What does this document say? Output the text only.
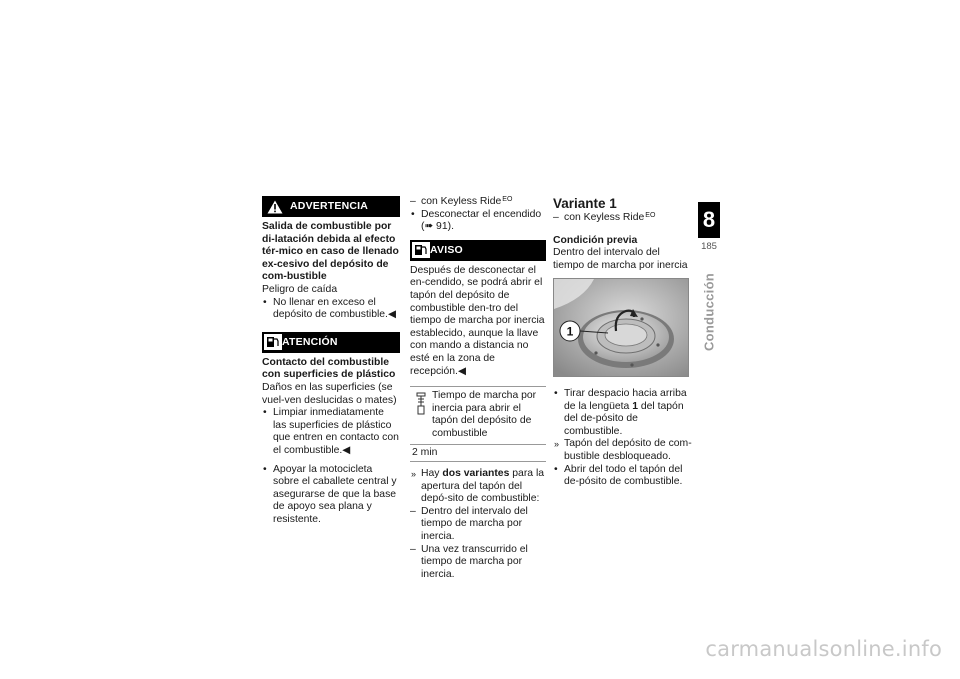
ADVERTENCIA

Salida de combustible por di-latación debida al efecto tér-mico en caso de llenado ex-cesivo del depósito de com-bustible

Peligro de caída

• No llenar en exceso el depósito de combustible.◀
ATENCIÓN

Contacto del combustible con superficies de plástico

Daños en las superficies (se vuel-ven deslucidas o mates)

• Limpiar inmediatamente las superficies de plástico que entren en contacto con el combustible.◀
• Apoyar la motocicleta sobre el caballete central y asegurarse de que la base de apoyo sea plana y resistente.
– con Keyless Ride$^{EO}$
• Desconectar el encendido (➠ 91).
AVISO

Después de desconectar el en-cendido, se podrá abrir el tapón del depósito de combustible den-tro del tiempo de marcha por inercia establecido, aunque la llave con mando a distancia no esté en la zona de recepción.◀

Tiempo de marcha por inercia para abrir el tapón del depósito de combustible
2 min
» Hay dos variantes para la apertura del tapón del depó-sito de combustible:
– Dentro del intervalo del tiempo de marcha por inercia.
– Una vez transcurrido el tiempo de marcha por inercia.
Variante 1
– con Keyless Ride$^{EO}$

Condición previa

Dentro del intervalo del tiempo de marcha por inercia

1
• Tirar despacio hacia arriba de la lengüeta 1 del tapón del de-pósito de combustible.
» Tapón del depósito de com-bustible desbloqueado.
• Abrir del todo el tapón del de-pósito de combustible.
8
185
Conducción
carmanualsonline.info
